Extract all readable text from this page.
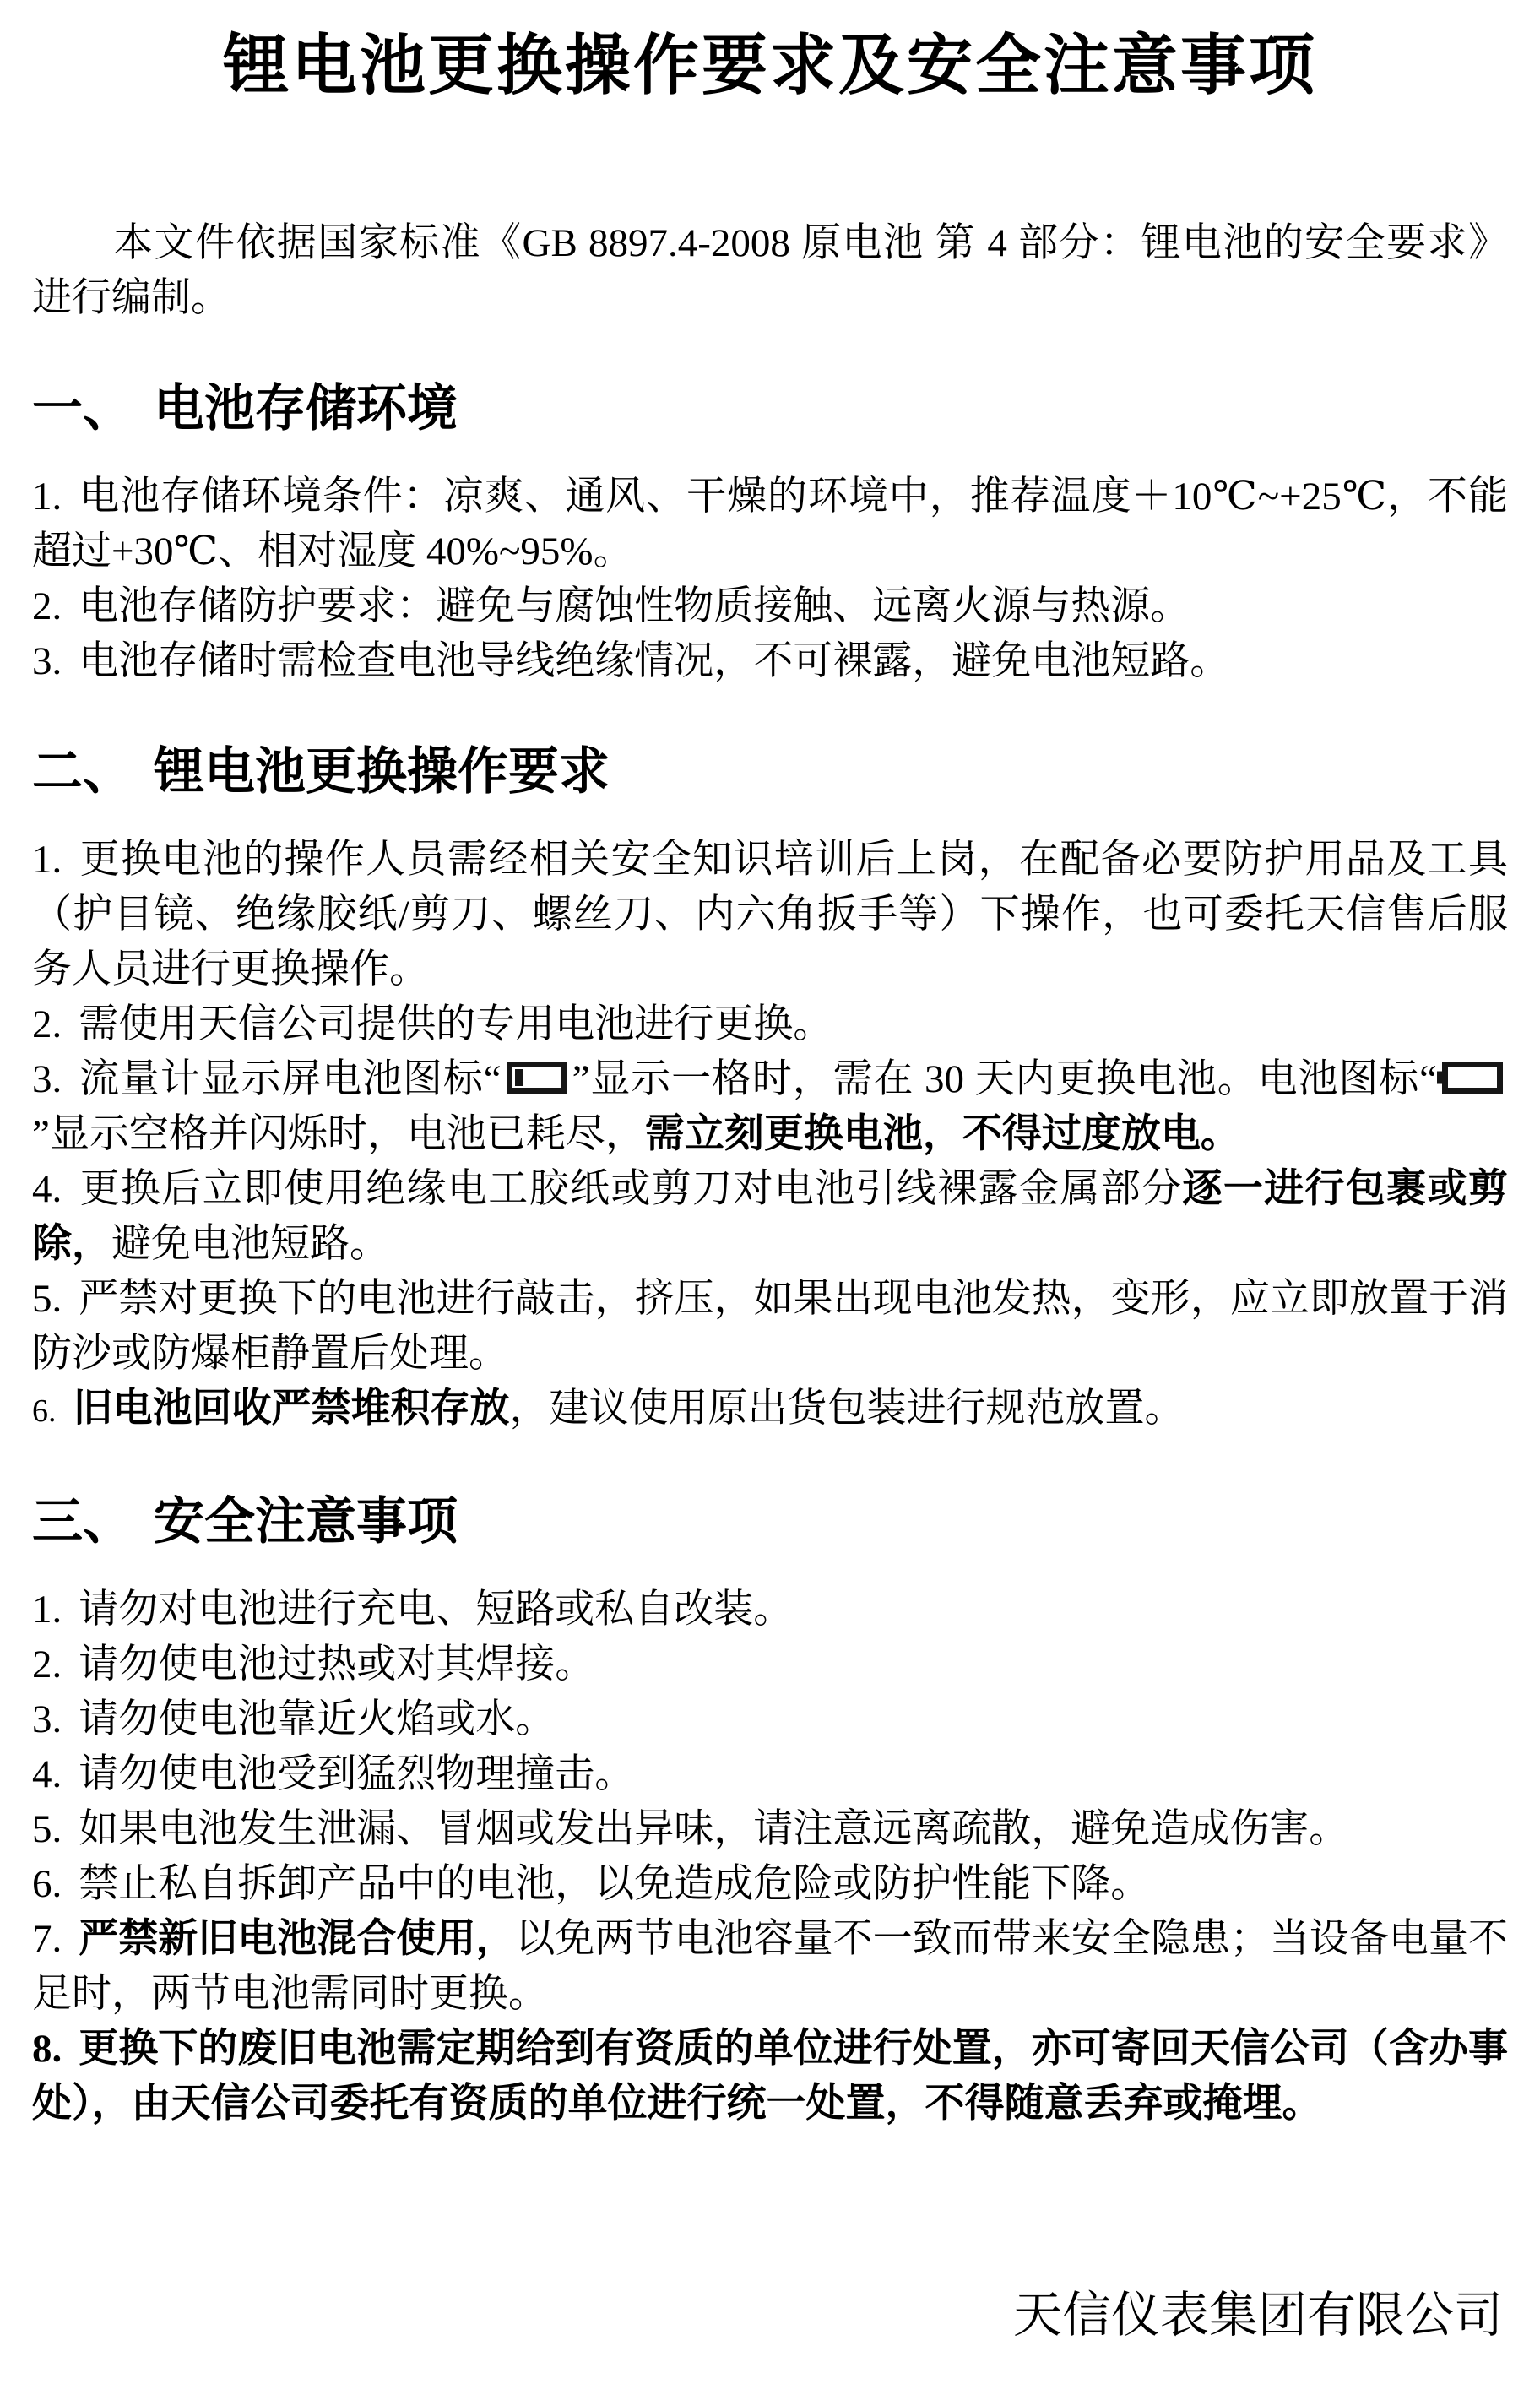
锂电池更换操作要求及安全注意事项

本文件依据国家标准《GB 8897.4-2008 原电池 第 4 部分：锂电池的安全要求》进行编制。

一、 电池存储环境
1. 电池存储环境条件：凉爽、通风、干燥的环境中，推荐温度＋10℃~+25℃，不能超过+30℃、相对湿度 40%~95%。
2. 电池存储防护要求：避免与腐蚀性物质接触、远离火源与热源。
3. 电池存储时需检查电池导线绝缘情况，不可裸露，避免电池短路。
二、 锂电池更换操作要求
1. 更换电池的操作人员需经相关安全知识培训后上岗，在配备必要防护用品及工具（护目镜、绝缘胶纸/剪刀、螺丝刀、内六角扳手等）下操作，也可委托天信售后服务人员进行更换操作。
2. 需使用天信公司提供的专用电池进行更换。
3. 流量计显示屏电池图标“ ”显示一格时，需在 30 天内更换电池。电池图标“”显示空格并闪烁时，电池已耗尽，需立刻更换电池，不得过度放电。
4. 更换后立即使用绝缘电工胶纸或剪刀对电池引线裸露金属部分逐一进行包裹或剪除，避免电池短路。
5. 严禁对更换下的电池进行敲击，挤压，如果出现电池发热，变形，应立即放置于消防沙或防爆柜静置后处理。
6. 旧电池回收严禁堆积存放，建议使用原出货包装进行规范放置。
三、 安全注意事项
1. 请勿对电池进行充电、短路或私自改装。
2. 请勿使电池过热或对其焊接。
3. 请勿使电池靠近火焰或水。
4. 请勿使电池受到猛烈物理撞击。
5. 如果电池发生泄漏、冒烟或发出异味，请注意远离疏散，避免造成伤害。
6. 禁止私自拆卸产品中的电池，以免造成危险或防护性能下降。
7. 严禁新旧电池混合使用，以免两节电池容量不一致而带来安全隐患；当设备电量不足时，两节电池需同时更换。
8. 更换下的废旧电池需定期给到有资质的单位进行处置，亦可寄回天信公司（含办事处），由天信公司委托有资质的单位进行统一处置，不得随意丢弃或掩埋。
天信仪表集团有限公司
